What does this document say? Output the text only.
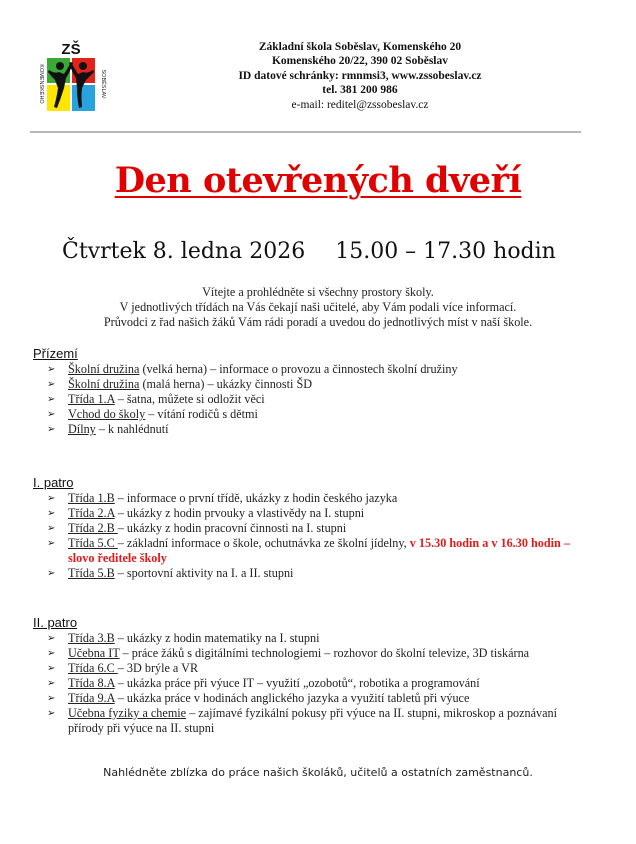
ZŠ
KOMENSKÉHO	SOBĚSLAV
Základní škola Soběslav, Komenského 20
Komenského 20/22, 390 02 Soběslav
ID datové schránky: rmnmsi3, www.zssobeslav.cz
tel. 381 200 986
e-mail: reditel@zssobeslav.cz
Den otevřených dveří
Čtvrtek 8. ledna 2026 15.00 – 17.30 hodin
Vítejte a prohlédněte si všechny prostory školy.
V jednotlivých třídách na Vás čekají naši učitelé, aby Vám podali více informací.
Průvodci z řad našich žáků Vám rádi poradí a uvedou do jednotlivých míst v naší škole.
Přízemí
➢ Školní družina (velká herna) – informace o provozu a činnostech školní družiny
➢ Školní družina (malá herna) – ukázky činnosti ŠD
➢ Třída 1.A – šatna, můžete si odložit věci
➢ Vchod do školy – vítání rodičů s dětmi
➢ Dílny – k nahlédnutí
I. patro
➢ Třída 1.B – informace o první třídě, ukázky z hodin českého jazyka
➢ Třída 2.A – ukázky z hodin prvouky a vlastivědy na I. stupni
➢ Třída 2.B – ukázky z hodin pracovní činnosti na I. stupni
➢ Třída 5.C – základní informace o škole, ochutnávka ze školní jídelny, v 15.30 hodin a v 16.30 hodin – slovo ředitele školy
➢ Třída 5.B – sportovní aktivity na I. a II. stupni
II. patro
➢ Třída 3.B – ukázky z hodin matematiky na I. stupni
➢ Učebna IT – práce žáků s digitálními technologiemi – rozhovor do školní televize, 3D tiskárna
➢ Třída 6.C – 3D brýle a VR
➢ Třída 8.A – ukázka práce při výuce IT – využití „ozobotů“, robotika a programování
➢ Třída 9.A – ukázka práce v hodinách anglického jazyka a využití tabletů při výuce
➢ Učebna fyziky a chemie – zajímavé fyzikální pokusy při výuce na II. stupni, mikroskop a poznávaní přírody při výuce na II. stupni
Nahlédněte zblízka do práce našich školáků, učitelů a ostatních zaměstnanců.
